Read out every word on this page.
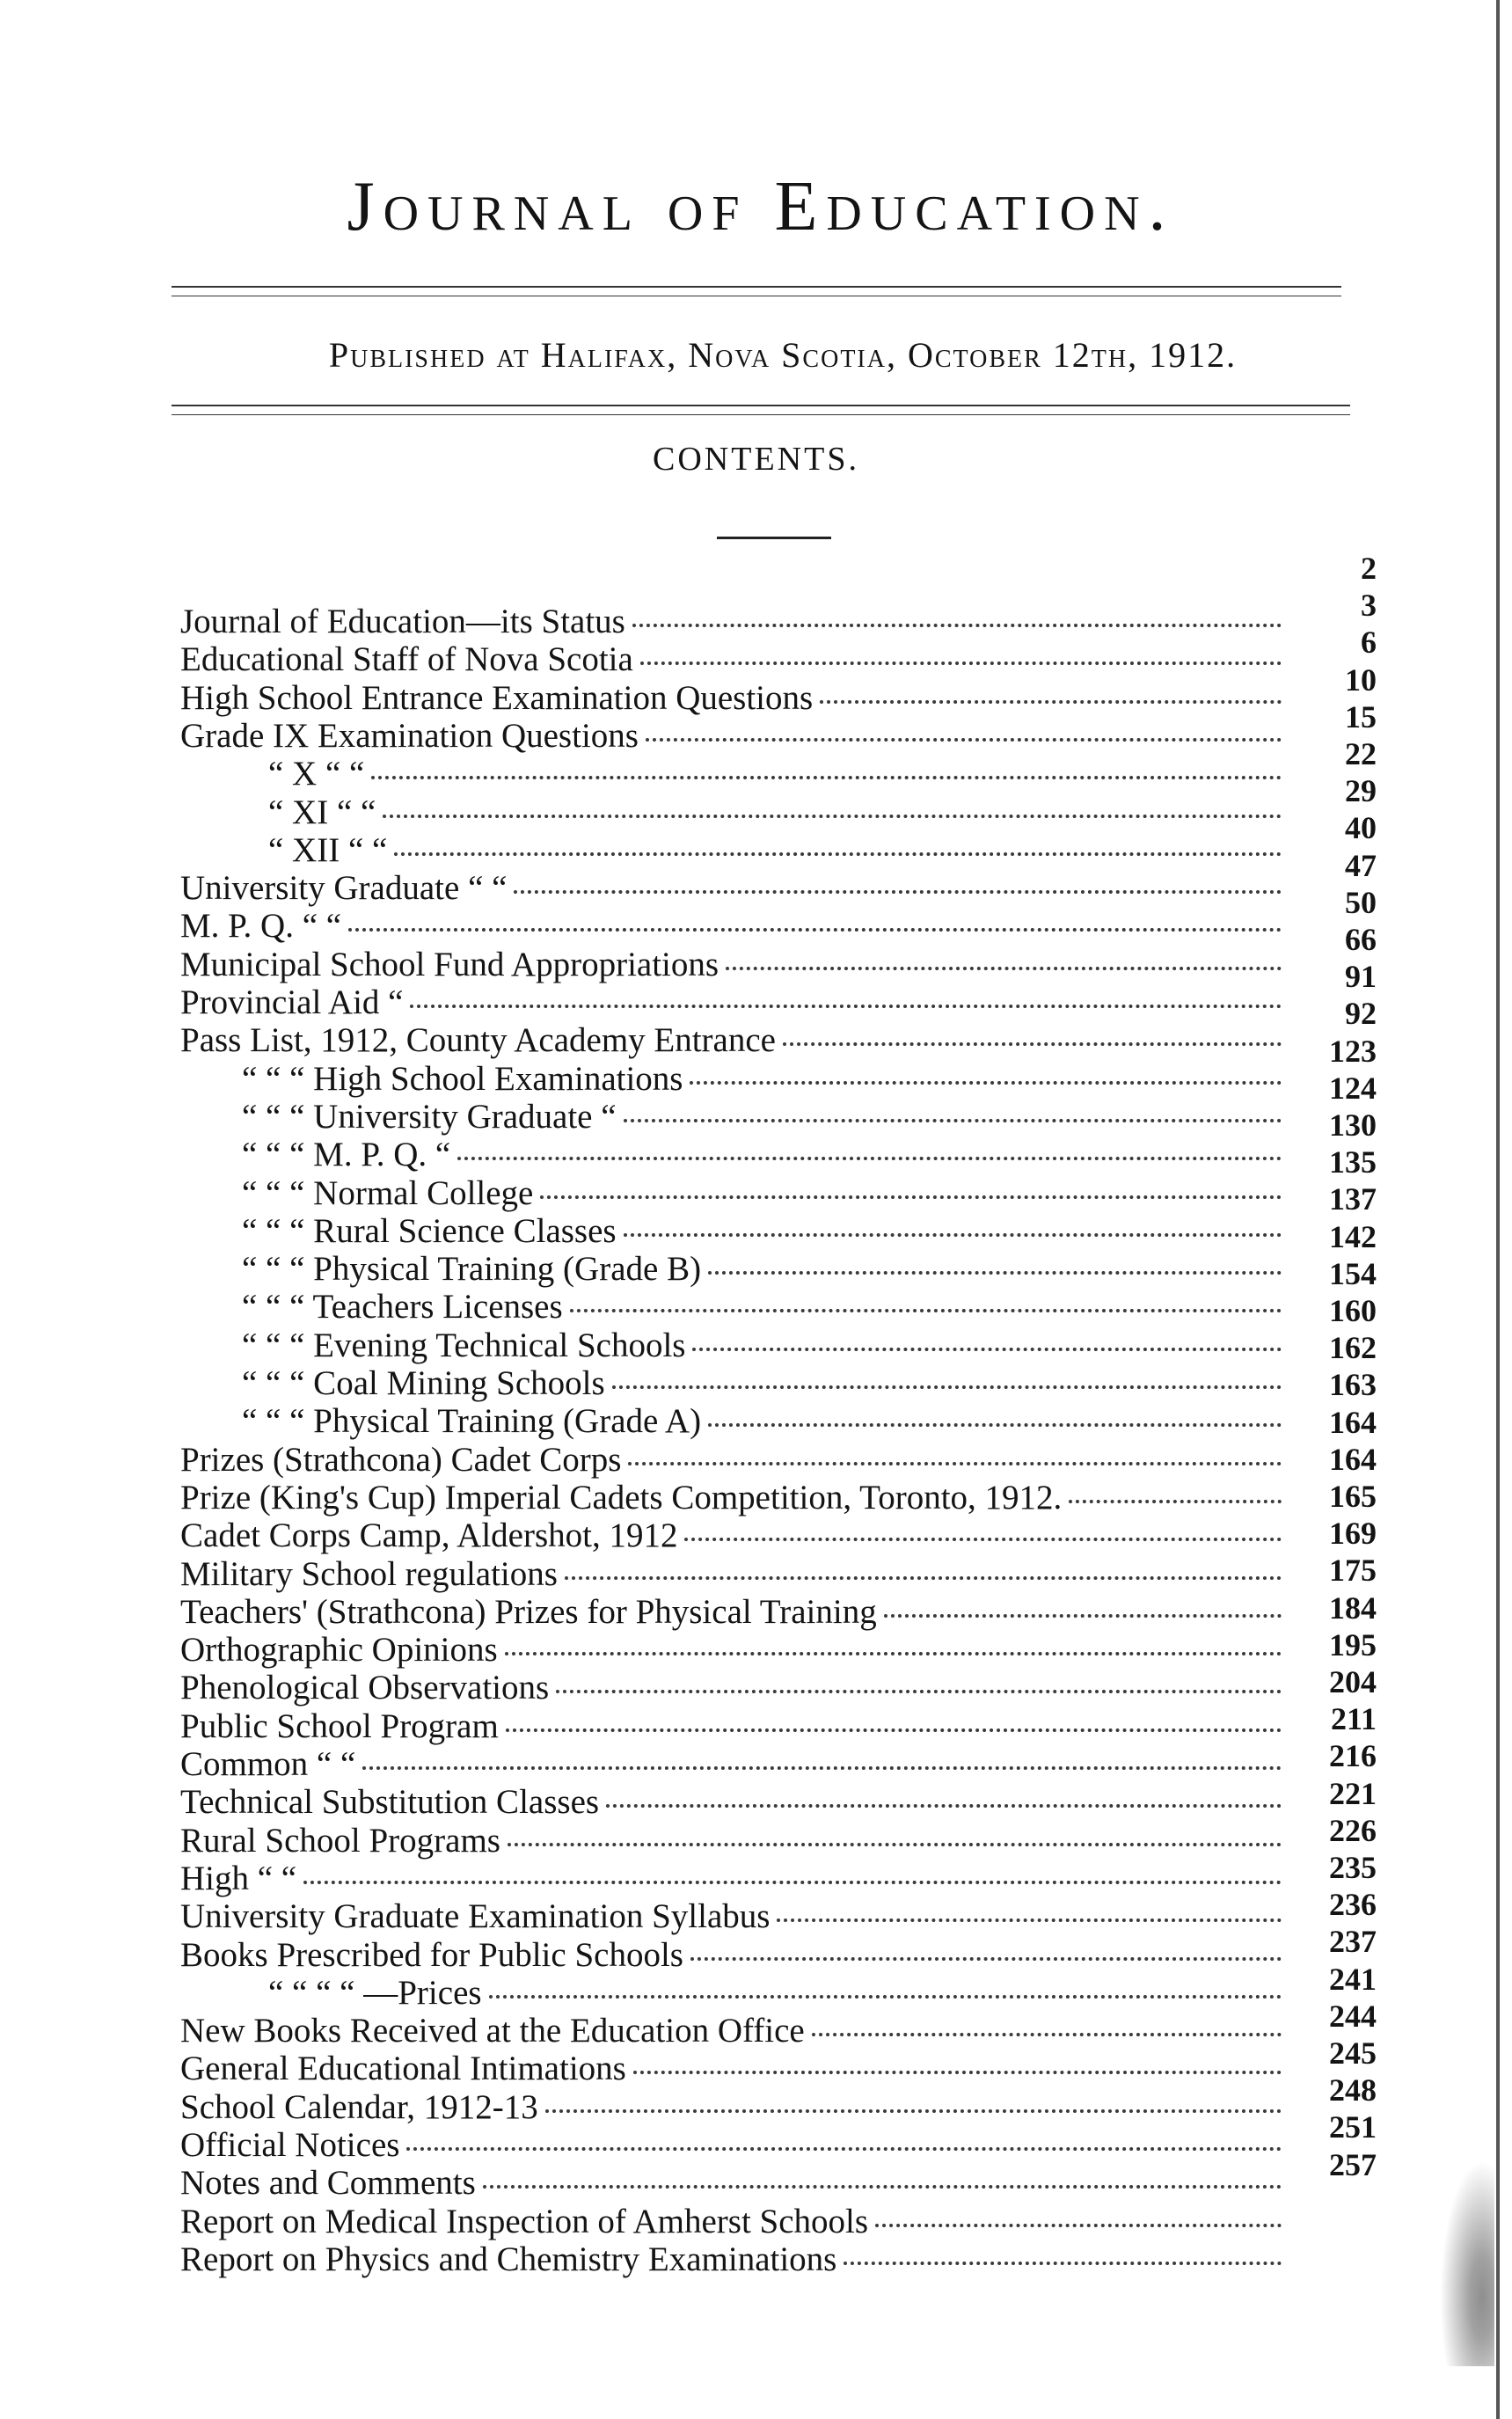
Journal of Education.
Published at Halifax, Nova Scotia, October 12th, 1912.
CONTENTS.
Journal of Education—its Status
Educational Staff of Nova Scotia
High School Entrance Examination Questions
Grade IX Examination Questions
“ X “ “
“ XI “ “
“ XII “ “
University Graduate “ “
M. P. Q. “ “
Municipal School Fund Appropriations
Provincial Aid “
Pass List, 1912, County Academy Entrance
“ “ “ High School Examinations
“ “ “ University Graduate “
“ “ “ M. P. Q. “
“ “ “ Normal College
“ “ “ Rural Science Classes
“ “ “ Physical Training (Grade B)
“ “ “ Teachers Licenses
“ “ “ Evening Technical Schools
“ “ “ Coal Mining Schools
“ “ “ Physical Training (Grade A)
Prizes (Strathcona) Cadet Corps
Prize (King's Cup) Imperial Cadets Competition, Toronto, 1912.
Cadet Corps Camp, Aldershot, 1912
Military School regulations
Teachers' (Strathcona) Prizes for Physical Training
Orthographic Opinions
Phenological Observations
Public School Program
Common “ “
Technical Substitution Classes
Rural School Programs
High “ “
University Graduate Examination Syllabus
Books Prescribed for Public Schools
“ “ “ “ —Prices
New Books Received at the Education Office
General Educational Intimations
School Calendar, 1912-13
Official Notices
Notes and Comments
Report on Medical Inspection of Amherst Schools
Report on Physics and Chemistry Examinations
2
3
6
10
15
22
29
40
47
50
66
91
92
123
124
130
135
137
142
154
160
162
163
164
164
165
169
175
184
195
204
211
216
221
226
235
236
237
241
244
245
248
251
257
